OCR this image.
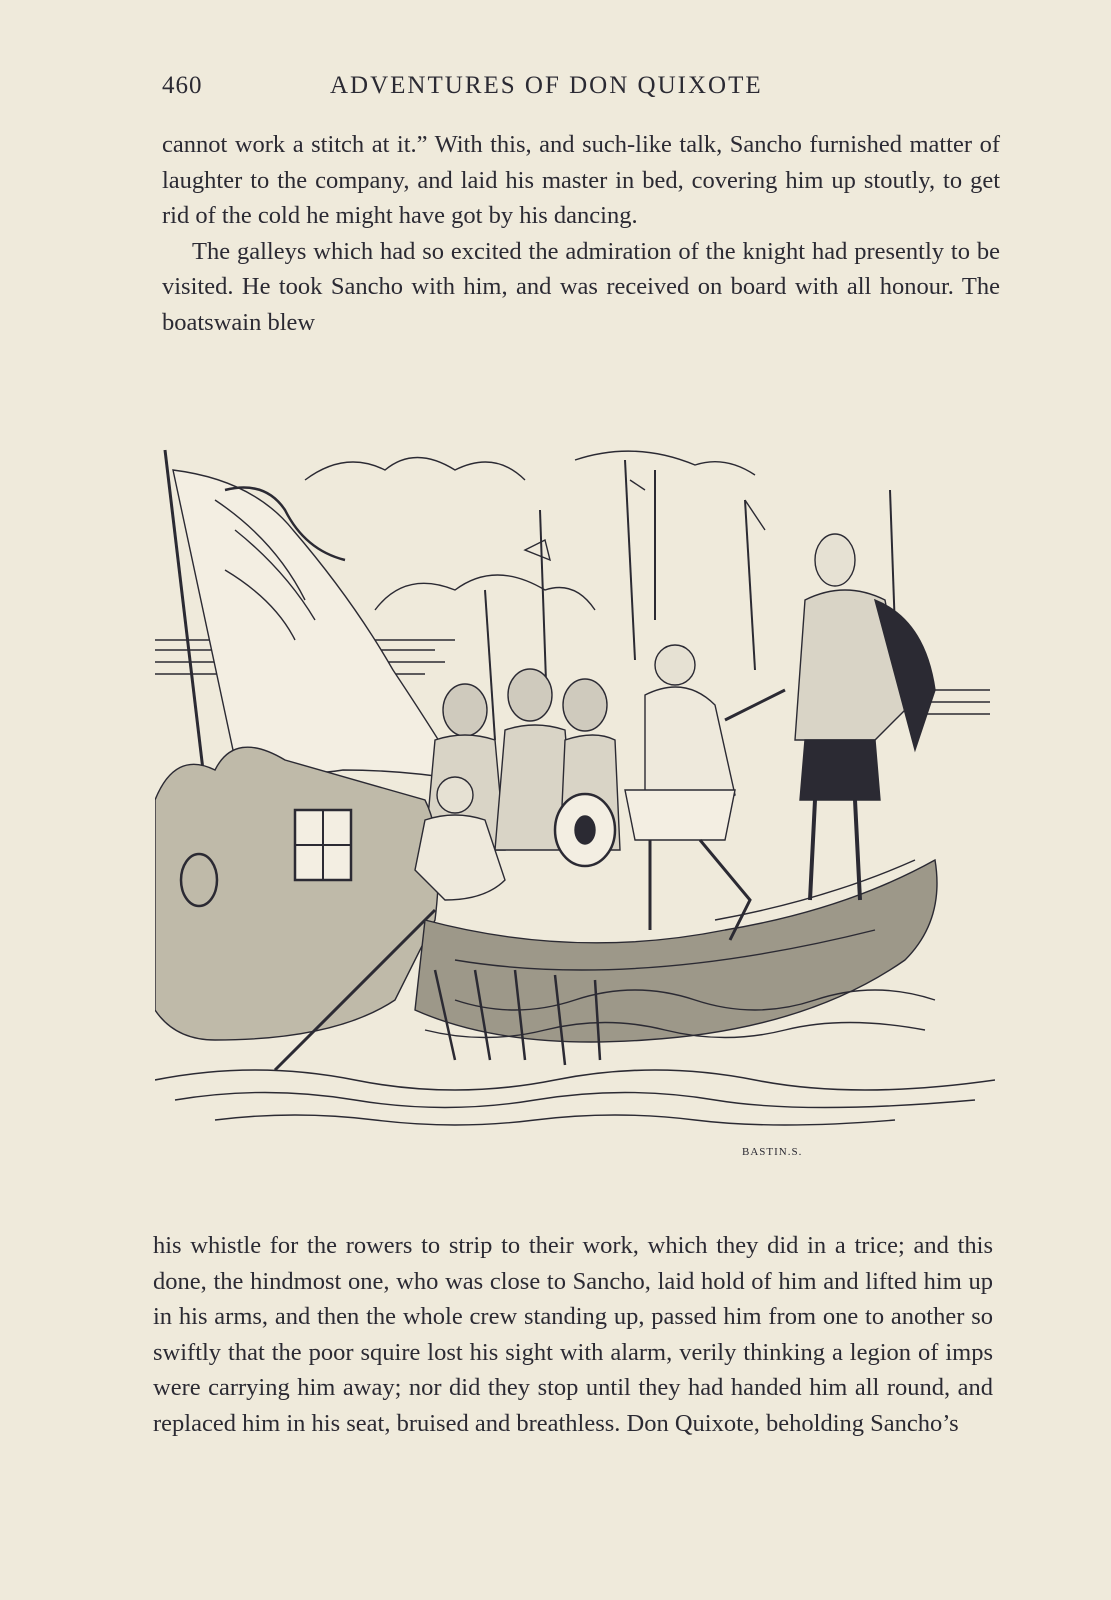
460	ADVENTURES OF DON QUIXOTE

cannot work a stitch at it.” With this, and such-like talk, Sancho furnished matter of laughter to the company, and laid his master in bed, covering him up stoutly, to get rid of the cold he might have got by his dancing.

The galleys which had so excited the admiration of the knight had presently to be visited. He took Sancho with him, and was received on board with all honour. The boatswain blew

BASTIN.S.

his whistle for the rowers to strip to their work, which they did in a trice; and this done, the hindmost one, who was close to Sancho, laid hold of him and lifted him up in his arms, and then the whole crew standing up, passed him from one to another so swiftly that the poor squire lost his sight with alarm, verily thinking a legion of imps were carrying him away; nor did they stop until they had handed him all round, and replaced him in his seat, bruised and breathless. Don Quixote, beholding Sancho’s
